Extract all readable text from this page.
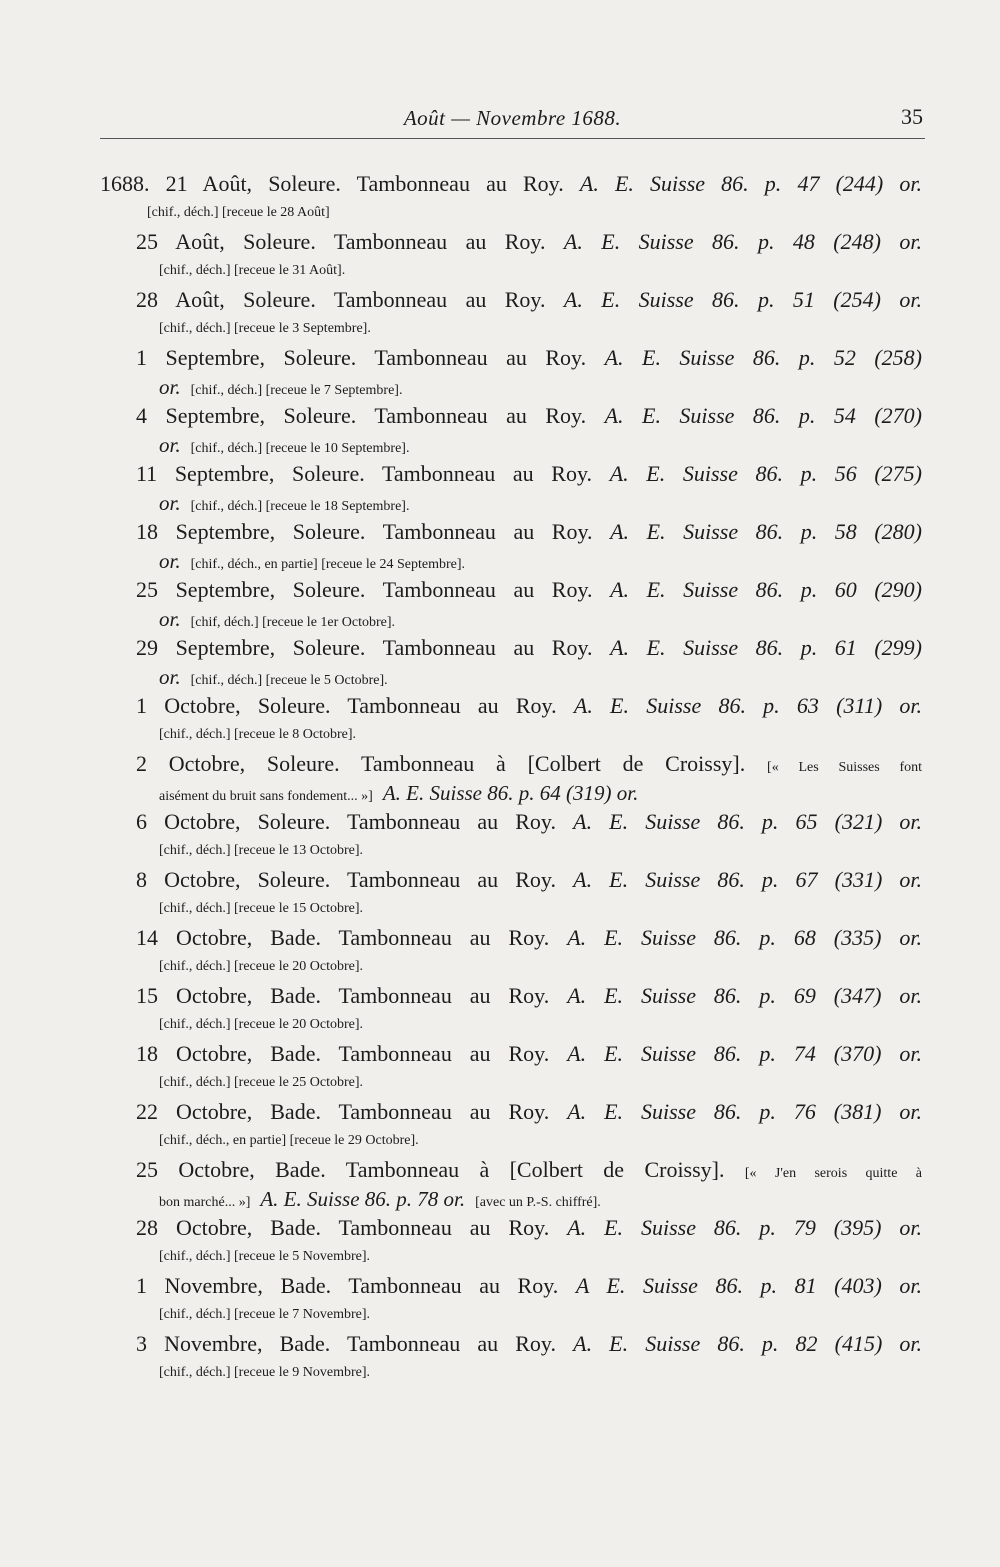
Août — Novembre 1688.	35
1688. 21 Août, Soleure. Tambonneau au Roy. A. E. Suisse 86. p. 47 (244) or.
[chif., déch.] [receue le 28 Août]
25 Août, Soleure. Tambonneau au Roy. A. E. Suisse 86. p. 48 (248) or.
[chif., déch.] [receue le 31 Août].
28 Août, Soleure. Tambonneau au Roy. A. E. Suisse 86. p. 51 (254) or.
[chif., déch.] [receue le 3 Septembre].
1 Septembre, Soleure. Tambonneau au Roy. A. E. Suisse 86. p. 52 (258)
or. [chif., déch.] [receue le 7 Septembre].
4 Septembre, Soleure. Tambonneau au Roy. A. E. Suisse 86. p. 54 (270)
or. [chif., déch.] [receue le 10 Septembre].
11 Septembre, Soleure. Tambonneau au Roy. A. E. Suisse 86. p. 56 (275)
or. [chif., déch.] [receue le 18 Septembre].
18 Septembre, Soleure. Tambonneau au Roy. A. E. Suisse 86. p. 58 (280)
or. [chif., déch., en partie] [receue le 24 Septembre].
25 Septembre, Soleure. Tambonneau au Roy. A. E. Suisse 86. p. 60 (290)
or. [chif, déch.] [receue le 1er Octobre].
29 Septembre, Soleure. Tambonneau au Roy. A. E. Suisse 86. p. 61 (299)
or. [chif., déch.] [receue le 5 Octobre].
1 Octobre, Soleure. Tambonneau au Roy. A. E. Suisse 86. p. 63 (311) or.
[chif., déch.] [receue le 8 Octobre].
2 Octobre, Soleure. Tambonneau à [Colbert de Croissy]. [« Les Suisses font
aisément du bruit sans fondement... »] A. E. Suisse 86. p. 64 (319) or.
6 Octobre, Soleure. Tambonneau au Roy. A. E. Suisse 86. p. 65 (321) or.
[chif., déch.] [receue le 13 Octobre].
8 Octobre, Soleure. Tambonneau au Roy. A. E. Suisse 86. p. 67 (331) or.
[chif., déch.] [receue le 15 Octobre].
14 Octobre, Bade. Tambonneau au Roy. A. E. Suisse 86. p. 68 (335) or.
[chif., déch.] [receue le 20 Octobre].
15 Octobre, Bade. Tambonneau au Roy. A. E. Suisse 86. p. 69 (347) or.
[chif., déch.] [receue le 20 Octobre].
18 Octobre, Bade. Tambonneau au Roy. A. E. Suisse 86. p. 74 (370) or.
[chif., déch.] [receue le 25 Octobre].
22 Octobre, Bade. Tambonneau au Roy. A. E. Suisse 86. p. 76 (381) or.
[chif., déch., en partie] [receue le 29 Octobre].
25 Octobre, Bade. Tambonneau à [Colbert de Croissy]. [« J'en serois quitte à
bon marché... »] A. E. Suisse 86. p. 78 or. [avec un P.-S. chiffré].
28 Octobre, Bade. Tambonneau au Roy. A. E. Suisse 86. p. 79 (395) or.
[chif., déch.] [receue le 5 Novembre].
1 Novembre, Bade. Tambonneau au Roy. A E. Suisse 86. p. 81 (403) or.
[chif., déch.] [receue le 7 Novembre].
3 Novembre, Bade. Tambonneau au Roy. A. E. Suisse 86. p. 82 (415) or.
[chif., déch.] [receue le 9 Novembre].
